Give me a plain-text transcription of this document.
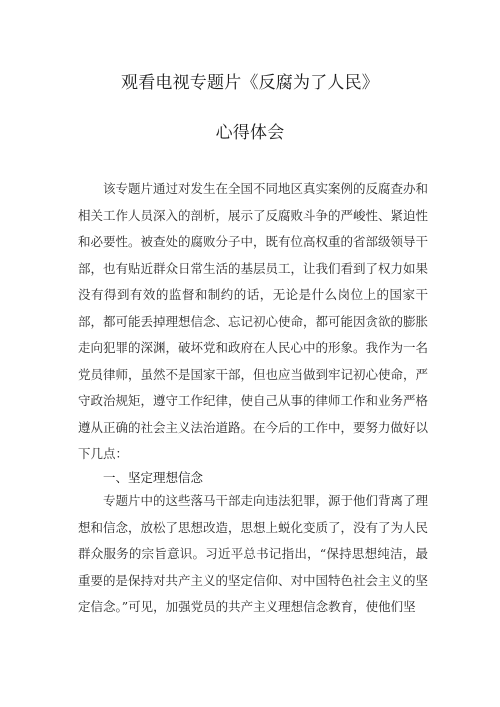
观看电视专题片《反腐为了人民》
心得体会

该专题片通过对发生在全国不同地区真实案例的反腐查办和相关工作人员深入的剖析，展示了反腐败斗争的严峻性、紧迫性和必要性。被查处的腐败分子中，既有位高权重的省部级领导干部，也有贴近群众日常生活的基层员工，让我们看到了权力如果没有得到有效的监督和制约的话，无论是什么岗位上的国家干部，都可能丢掉理想信念、忘记初心使命，都可能因贪欲的膨胀走向犯罪的深渊，破坏党和政府在人民心中的形象。我作为一名党员律师，虽然不是国家干部，但也应当做到牢记初心使命，严守政治规矩，遵守工作纪律，使自己从事的律师工作和业务严格遵从正确的社会主义法治道路。在今后的工作中，要努力做好以下几点：

一、坚定理想信念

专题片中的这些落马干部走向违法犯罪，源于他们背离了理想和信念，放松了思想改造，思想上蜕化变质了，没有了为人民群众服务的宗旨意识。习近平总书记指出，“保持思想纯洁，最重要的是保持对共产主义的坚定信仰、对中国特色社会主义的坚定信念。”可见，加强党员的共产主义理想信念教育，使他们坚
